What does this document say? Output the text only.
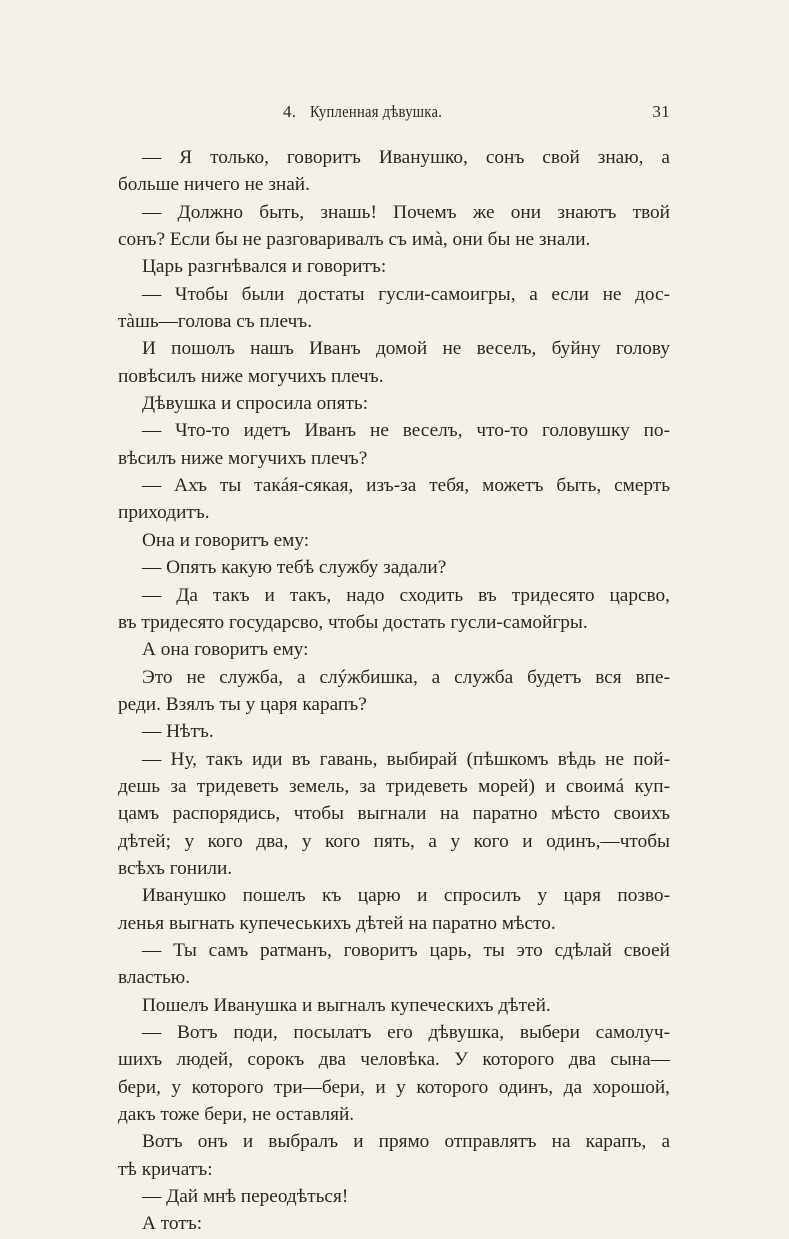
4. Купленная дѣвушка.	31
— Я только, говоритъ Иванушко, сонъ свой знаю, а
больше ничего не знай.
— Должно быть, знашь! Почемъ же они знаютъ твой
сонъ? Если бы не разговаривалъ съ имà, они бы не знали.
Царь разгнѣвался и говоритъ:
— Чтобы были достаты гусли-самоигры, а если не дос-
тàшь—голова съ плечъ.
И пошолъ нашъ Иванъ домой не веселъ, буйну голову
повѣсилъ ниже могучихъ плечъ.
Дѣвушка и спросила опять:
— Что-то идетъ Иванъ не веселъ, что-то головушку по-
вѣсилъ ниже могучихъ плечъ?
— Ахъ ты такáя-сякая, изъ-за тебя, можетъ быть, смерть
приходитъ.
Она и говоритъ ему:
— Опять какую тебѣ службу задали?
— Да такъ и такъ, надо сходить въ тридесято царсво,
въ тридесято государсво, чтобы достать гусли-самойгры.
А она говоритъ ему:
Это не служба, а слýжбишка, а служба будетъ вся впе-
реди. Взялъ ты у царя карапъ?
— Нѣтъ.
— Ну, такъ иди въ гавань, выбирай (пѣшкомъ вѣдь не пой-
дешь за тридеветь земель, за тридеветь морей) и своимá куп-
цамъ распорядись, чтобы выгнали на паратно мѣсто своихъ
дѣтей; у кого два, у кого пять, а у кого и одинъ,—чтобы
всѣхъ гонили.
Иванушко пошелъ къ царю и спросилъ у царя позво-
ленья выгнать купечеськихъ дѣтей на паратно мѣсто.
— Ты самъ ратманъ, говоритъ царь, ты это сдѣлай своей
властью.
Пошелъ Иванушка и выгналъ купеческихъ дѣтей.
— Вотъ поди, посылатъ его дѣвушка, выбери самолуч-
шихъ людей, сорокъ два человѣка. У которого два сына—
бери, у которого три—бери, и у которого одинъ, да хорошой,
дакъ тоже бери, не оставляй.
Вотъ онъ и выбралъ и прямо отправлятъ на карапъ, а
тѣ кричатъ:
— Дай мнѣ переодѣться!
А тотъ:
